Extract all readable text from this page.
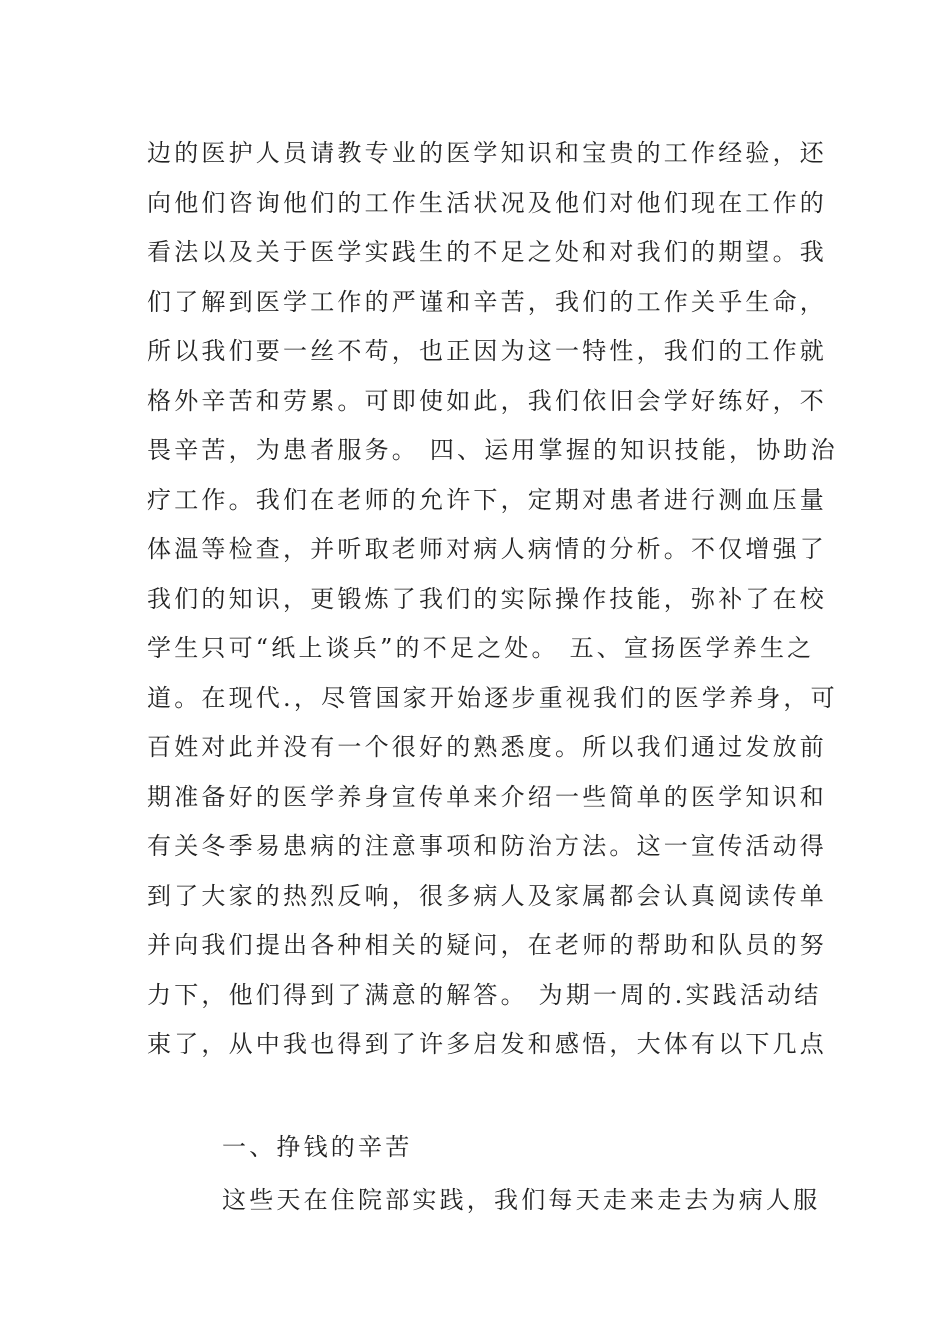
边的医护人员请教专业的医学知识和宝贵的工作经验，还
向他们咨询他们的工作生活状况及他们对他们现在工作的
看法以及关于医学实践生的不足之处和对我们的期望。我
们了解到医学工作的严谨和辛苦，我们的工作关乎生命，
所以我们要一丝不苟，也正因为这一特性，我们的工作就
格外辛苦和劳累。可即使如此，我们依旧会学好练好，不
畏辛苦，为患者服务。 四、运用掌握的知识技能，协助治
疗工作。我们在老师的允许下，定期对患者进行测血压量
体温等检查，并听取老师对病人病情的分析。不仅增强了
我们的知识，更锻炼了我们的实际操作技能，弥补了在校
学生只可“纸上谈兵”的不足之处。 五、宣扬医学养生之
道。在现代.，尽管国家开始逐步重视我们的医学养身，可
百姓对此并没有一个很好的熟悉度。所以我们通过发放前
期准备好的医学养身宣传单来介绍一些简单的医学知识和
有关冬季易患病的注意事项和防治方法。这一宣传活动得
到了大家的热烈反响，很多病人及家属都会认真阅读传单
并向我们提出各种相关的疑问，在老师的帮助和队员的努
力下，他们得到了满意的解答。 为期一周的.实践活动结
束了，从中我也得到了许多启发和感悟，大体有以下几点
一、挣钱的辛苦
这些天在住院部实践，我们每天走来走去为病人服
